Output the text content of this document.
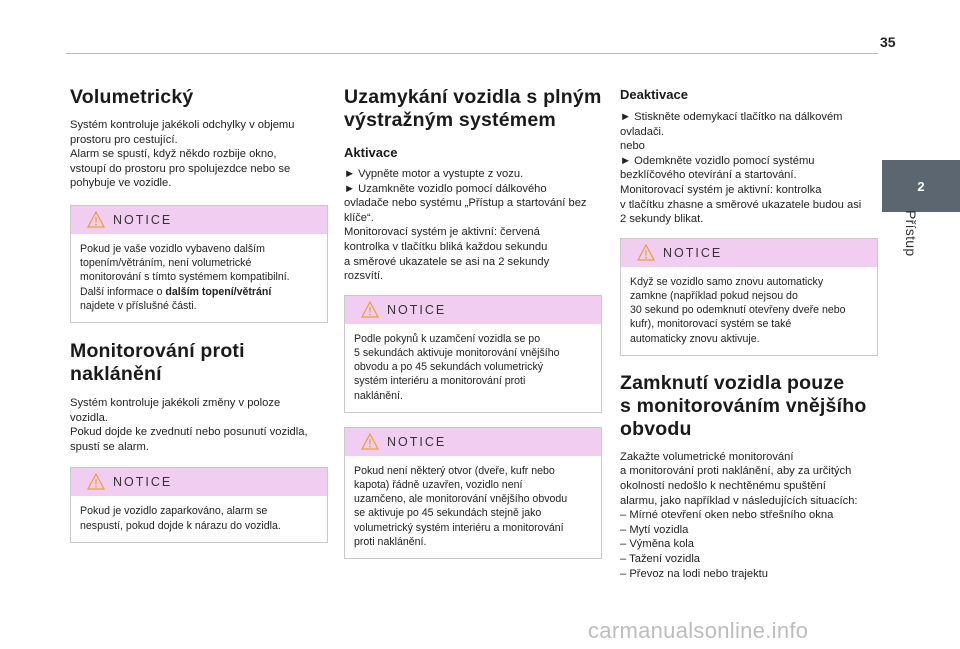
35
2
Přístup
Volumetrický

Systém kontroluje jakékoli odchylky v objemu
prostoru pro cestující.
Alarm se spustí, když někdo rozbije okno,
vstoupí do prostoru pro spolujezdce nebo se
pohybuje ve vozidle.

NOTICE

Pokud je vaše vozidlo vybaveno dalším
topením/větráním, není volumetrické
monitorování s tímto systémem kompatibilní.
Další informace o dalším topení/větrání
najdete v příslušné části.

Monitorování proti
naklánění

Systém kontroluje jakékoli změny v poloze
vozidla.
Pokud dojde ke zvednutí nebo posunutí vozidla,
spustí se alarm.

NOTICE

Pokud je vozidlo zaparkováno, alarm se
nespustí, pokud dojde k nárazu do vozidla.

Uzamykání vozidla s plným
výstražným systémem
Aktivace

► Vypněte motor a vystupte z vozu.
► Uzamkněte vozidlo pomocí dálkového
ovladače nebo systému „Přístup a startování bez
klíče“.
Monitorovací systém je aktivní: červená
kontrolka v tlačítku bliká každou sekundu
a směrové ukazatele se asi na 2 sekundy
rozsvítí.

NOTICE

Podle pokynů k uzamčení vozidla se po
5 sekundách aktivuje monitorování vnějšího
obvodu a po 45 sekundách volumetrický
systém interiéru a monitorování proti
naklánění.

NOTICE

Pokud není některý otvor (dveře, kufr nebo
kapota) řádně uzavřen, vozidlo není
uzamčeno, ale monitorování vnějšího obvodu
se aktivuje po 45 sekundách stejně jako
volumetrický systém interiéru a monitorování
proti naklánění.

Deaktivace

► Stiskněte odemykací tlačítko na dálkovém
ovladači.
nebo
► Odemkněte vozidlo pomocí systému
bezklíčového otevírání a startování.
Monitorovací systém je aktivní: kontrolka
v tlačítku zhasne a směrové ukazatele budou asi
2 sekundy blikat.

NOTICE

Když se vozidlo samo znovu automaticky
zamkne (například pokud nejsou do
30 sekund po odemknutí otevřeny dveře nebo
kufr), monitorovací systém se také
automaticky znovu aktivuje.

Zamknutí vozidla pouze
s monitorováním vnějšího
obvodu

Zakažte volumetrické monitorování
a monitorování proti naklánění, aby za určitých
okolností nedošlo k nechtěnému spuštění
alarmu, jako například v následujících situacích:
– Mírné otevření oken nebo střešního okna
– Mytí vozidla
– Výměna kola
– Tažení vozidla
– Převoz na lodi nebo trajektu

carmanualsonline.info
